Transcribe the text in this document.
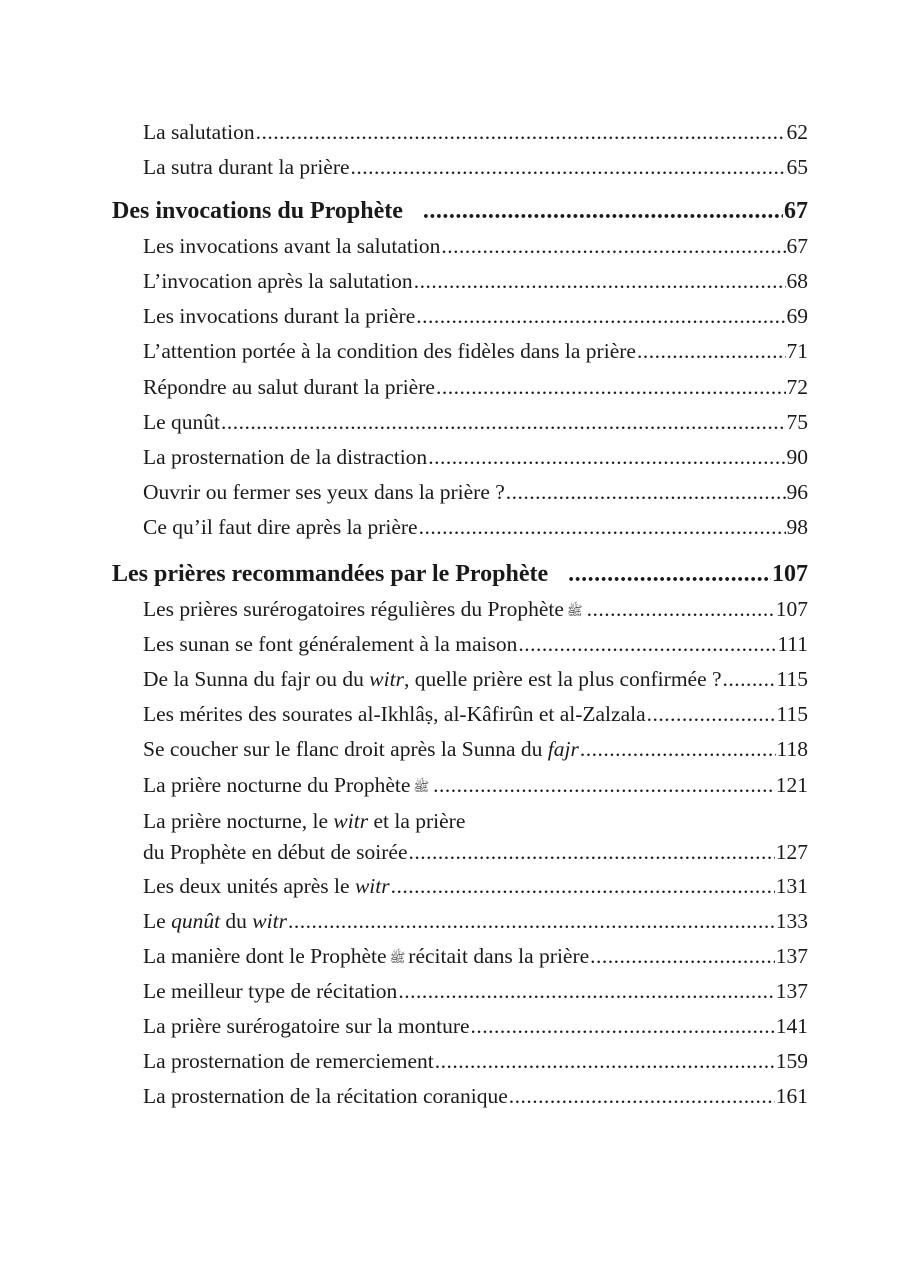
La salutation .....	62
La sutra durant la prière .....	65
Des invocations du Prophète .....	67
Les invocations avant la salutation .....	67
L’invocation après la salutation .....	68
Les invocations durant la prière .....	69
L’attention portée à la condition des fidèles dans la prière .....	71
Répondre au salut durant la prière .....	72
Le qunût .....	75
La prosternation de la distraction .....	90
Ouvrir ou fermer ses yeux dans la prière ? .....	96
Ce qu’il faut dire après la prière .....	98
Les prières recommandées par le Prophète .....	107
Les prières surérogatoires régulières du Prophète ﷺ .....	107
Les sunan se font généralement à la maison .....	111
De la Sunna du fajr ou du witr, quelle prière est la plus confirmée ? .....	115
Les mérites des sourates al-Ikhlâṣ, al-Kâfirûn et al-Zalzala .....	115
Se coucher sur le flanc droit après la Sunna du fajr .....	118
La prière nocturne du Prophète ﷺ .....	121
La prière nocturne, le witr et la prière
du Prophète en début de soirée .....	127
Les deux unités après le witr .....	131
Le qunût du witr .....	133
La manière dont le Prophète ﷺ récitait dans la prière .....	137
Le meilleur type de récitation .....	137
La prière surérogatoire sur la monture .....	141
La prosternation de remerciement .....	159
La prosternation de la récitation coranique .....	161
